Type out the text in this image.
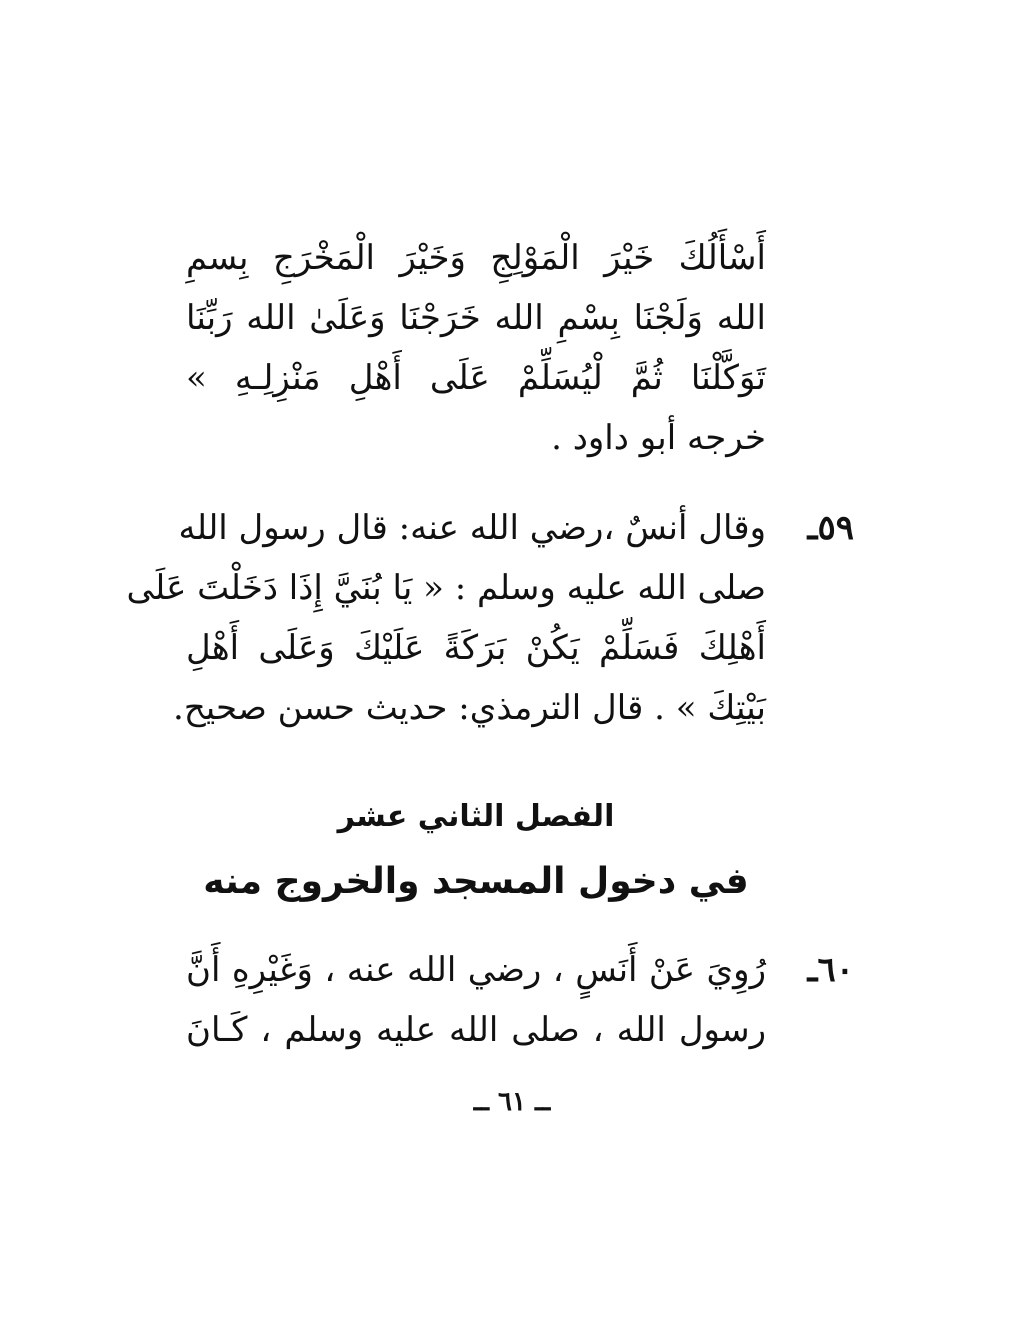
أَسْأَلُكَ خَيْرَ الْمَوْلِجِ وَخَيْرَ الْمَخْرَجِ بِسمِ
الله وَلَجْنَا بِسْمِ الله خَرَجْنَا وَعَلَىٰ الله رَبِّنَا
تَوَكَّلْنَا ثُمَّ لْيُسَلِّمْ عَلَى أَهْلِ مَنْزِلِـهِ »
خرجه أبو داود .
٥٩ـ
وقال أنسٌ ،رضي الله عنه: قال رسول الله
صلى الله عليه وسلم : « يَا بُنَيَّ إِذَا دَخَلْتَ عَلَى
أَهْلِكَ فَسَلِّمْ يَكُنْ بَرَكَةً عَلَيْكَ وَعَلَى أَهْلِ
بَيْتِكَ » . قال الترمذي: حديث حسن صحيح.
الفصل الثاني عشر
في دخول المسجد والخروج منه
٦٠ـ
رُوِيَ عَنْ أَنَسٍ ، رضي الله عنه ، وَغَيْرِهِ أَنَّ
رسول الله ، صلى الله عليه وسلم ، كَـانَ
ــ ٦١ ــ
